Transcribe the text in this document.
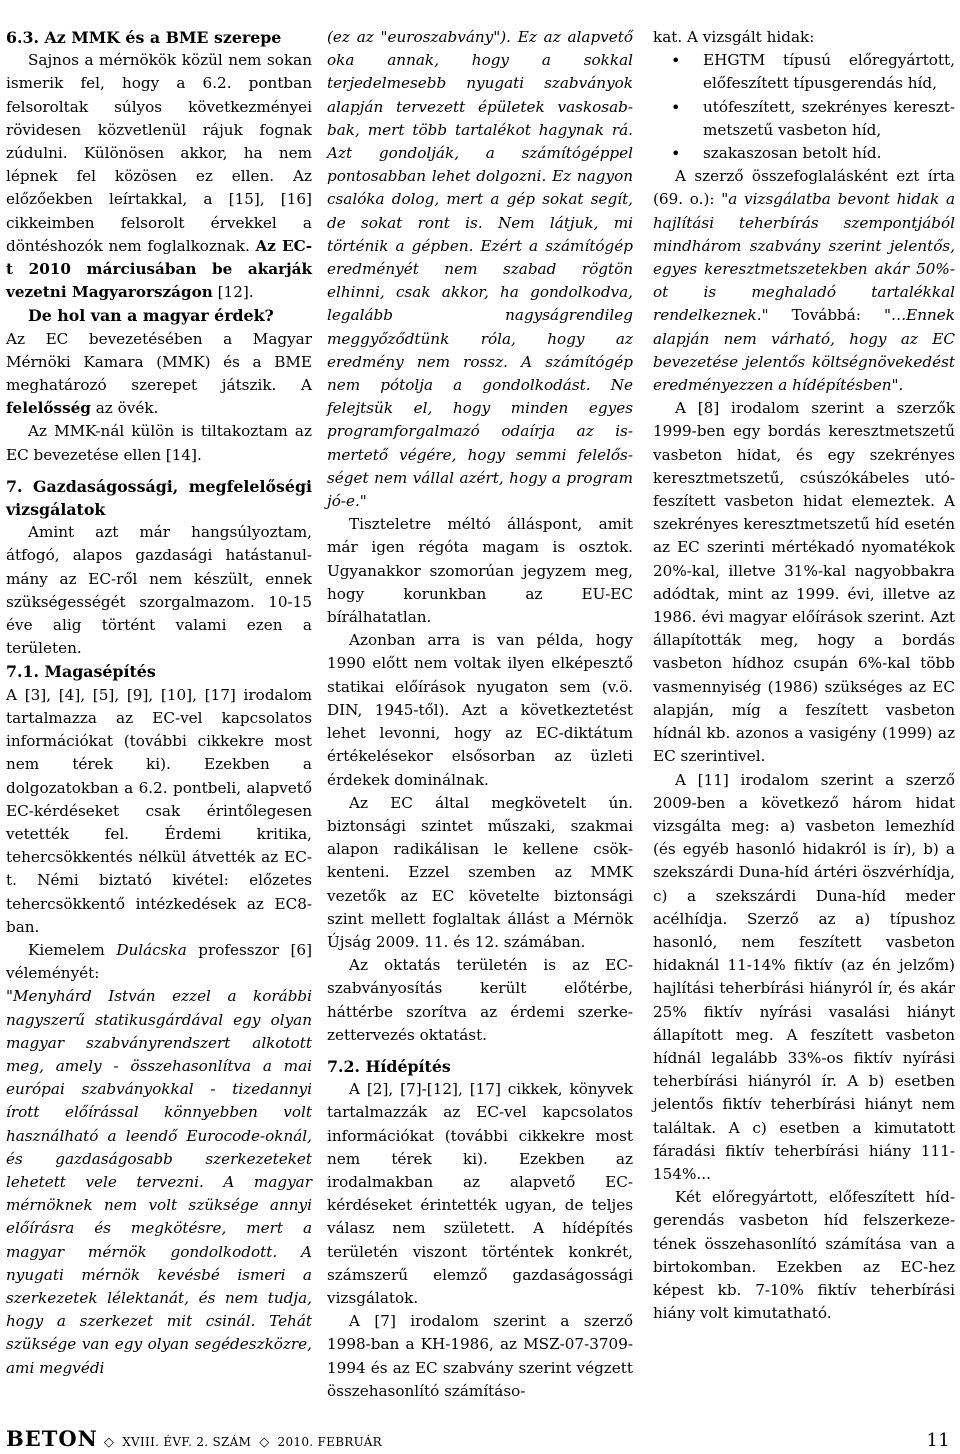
6.3. Az MMK és a BME szerepe

Sajnos a mérnökök közül nem sokan ismerik fel, hogy a 6.2. pontban felsoroltak súlyos következményei rövidesen közvetlenül rájuk fognak zúdulni. Különösen akkor, ha nem lépnek fel közösen ez ellen. Az előzőekben leírtakkal, a [15], [16] cikkeimben felsorolt érvekkel a döntéshozók nem foglalkoznak. Az EC-t 2010 márciusában be akarják vezetni Magyarországon [12].

De hol van a magyar érdek?

Az EC bevezetésében a Magyar Mérnöki Kamara (MMK) és a BME meghatározó szerepet játszik. A felelősség az övék.

Az MMK-nál külön is tiltakoztam az EC bevezetése ellen [14].

7. Gazdaságossági, megfelelőségi vizsgálatok

Amint azt már hangsúlyoztam, átfogó, alapos gazdasági hatástanulmány az EC-ről nem készült, ennek szükségességét szorgalmazom. 10-15 éve alig történt valami ezen a területen.

7.1. Magasépítés

A [3], [4], [5], [9], [10], [17] irodalom tartalmazza az EC-vel kapcsolatos információkat (további cikkekre most nem térek ki). Ezekben a dolgozatokban a 6.2. pontbeli, alapvető EC-kérdéseket csak érintőlegesen vetették fel. Érdemi kritika, tehercsökkentés nélkül átvették az EC-t. Némi biztató kivétel: előzetes tehercsökkentő intézkedések az EC8-ban.

Kiemelem Dulácska professzor [6] véleményét:

"Menyhárd István ezzel a korábbi nagyszerű statikusgárdával egy olyan magyar szabványrendszert alkotott meg, amely - összehasonlítva a mai európai szabványokkal - tizedannyi írott előírással könnyebben volt használható a leendő Eurocode-oknál, és gazdaságosabb szerkezeteket lehetett vele tervezni. A magyar mérnöknek nem volt szüksége annyi előírásra és megkötésre, mert a magyar mérnök gondolkodott. A nyugati mérnök kevésbé ismeri a szerkezetek lélektanát, és nem tudja, hogy a szerkezet mit csinál. Tehát szüksége van egy olyan segédeszközre, ami megvédi

(ez az "euroszabvány"). Ez az alapvető oka annak, hogy a sokkal terjedelmesebb nyugati szabványok alapján tervezett épületek vaskosabbak, mert több tartalékot hagynak rá. Azt gondolják, a számítógéppel pontosabban lehet dolgozni. Ez nagyon csalóka dolog, mert a gép sokat segít, de sokat ront is. Nem látjuk, mi történik a gépben. Ezért a számítógép eredményét nem szabad rögtön elhinni, csak akkor, ha gondolkodva, legalább nagyságrendileg meggyőződtünk róla, hogy az eredmény nem rossz. A számítógép nem pótolja a gondolkodást. Ne felejtsük el, hogy minden egyes programforgalmazó odaírja az ismertető végére, hogy semmi felelősséget nem vállal azért, hogy a program jó-e."

Tiszteletre méltó álláspont, amit már igen régóta magam is osztok. Ugyanakkor szomorúan jegyzem meg, hogy korunkban az EU-EC bírálhatatlan.

Azonban arra is van példa, hogy 1990 előtt nem voltak ilyen elképesztő statikai előírások nyugaton sem (v.ö. DIN, 1945-től). Azt a következtetést lehet levonni, hogy az EC-diktátum értékelésekor elsősorban az üzleti érdekek dominálnak.

Az EC által megkövetelt ún. biztonsági szintet műszaki, szakmai alapon radikálisan le kellene csökkenteni. Ezzel szemben az MMK vezetők az EC követelte biztonsági szint mellett foglaltak állást a Mérnök Újság 2009. 11. és 12. számában.

Az oktatás területén is az EC-szabványosítás került előtérbe, háttérbe szorítva az érdemi szerkezettervezés oktatást.

7.2. Hídépítés

A [2], [7]-[12], [17] cikkek, könyvek tartalmazzák az EC-vel kapcsolatos információkat (további cikkekre most nem térek ki). Ezekben az irodalmakban az alapvető EC-kérdéseket érintették ugyan, de teljes válasz nem született. A hídépítés területén viszont történtek konkrét, számszerű elemző gazdaságossági vizsgálatok.

A [7] irodalom szerint a szerző 1998-ban a KH-1986, az MSZ-07-3709-1994 és az EC szabvány szerint végzett összehasonlító számításo-

kat. A vizsgált hidak:

• EHGTM típusú előregyártott, előfeszített típusgerendás híd,
• utófeszített, szekrényes keresztmetszetű vasbeton híd,
• szakaszosan betolt híd.

A szerző összefoglalásként ezt írta (69. o.): "a vizsgálatba bevont hidak a hajlítási teherbírás szempontjából mindhárom szabvány szerint jelentős, egyes keresztmetszetekben akár 50%-ot is meghaladó tartalékkal rendelkeznek." Továbbá: "…Ennek alapján nem várható, hogy az EC bevezetése jelentős költségnövekedést eredményezzen a hídépítésben".

A [8] irodalom szerint a szerzők 1999-ben egy bordás keresztmetszetű vasbeton hidat, és egy szekrényes keresztmetszetű, csúszókábeles utófeszített vasbeton hidat elemeztek. A szekrényes keresztmetszetű híd esetén az EC szerinti mértékadó nyomatékok 20%-kal, illetve 31%-kal nagyobbakra adódtak, mint az 1999. évi, illetve az 1986. évi magyar előírások szerint. Azt állapították meg, hogy a bordás vasbeton hídhoz csupán 6%-kal több vasmennyiség (1986) szükséges az EC alapján, míg a feszített vasbeton hídnál kb. azonos a vasigény (1999) az EC szerintivel.

A [11] irodalom szerint a szerző 2009-ben a következő három hidat vizsgálta meg: a) vasbeton lemezhíd (és egyéb hasonló hidakról is ír), b) a szekszárdi Duna-híd ártéri öszvérhídja, c) a szekszárdi Duna-híd meder acélhídja. Szerző az a) típushoz hasonló, nem feszített vasbeton hidaknál 11-14% fiktív (az én jelzőm) hajlítási teherbírási hiányról ír, és akár 25% fiktív nyírási vasalási hiányt állapított meg. A feszített vasbeton hídnál legalább 33%-os fiktív nyírási teherbírási hiányról ír. A b) esetben jelentős fiktív teherbírási hiányt nem találtak. A c) esetben a kimutatott fáradási fiktív teherbírási hiány 111-154%...

Két előregyártott, előfeszített hídgerendás vasbeton híd felszerkezetének összehasonlító számítása van a birtokomban. Ezekben az EC-hez képest kb. 7-10% fiktív teherbírási hiány volt kimutatható.

BETON ◇ XVIII. ÉVF. 2. SZÁM ◇ 2010. FEBRUÁR	11
